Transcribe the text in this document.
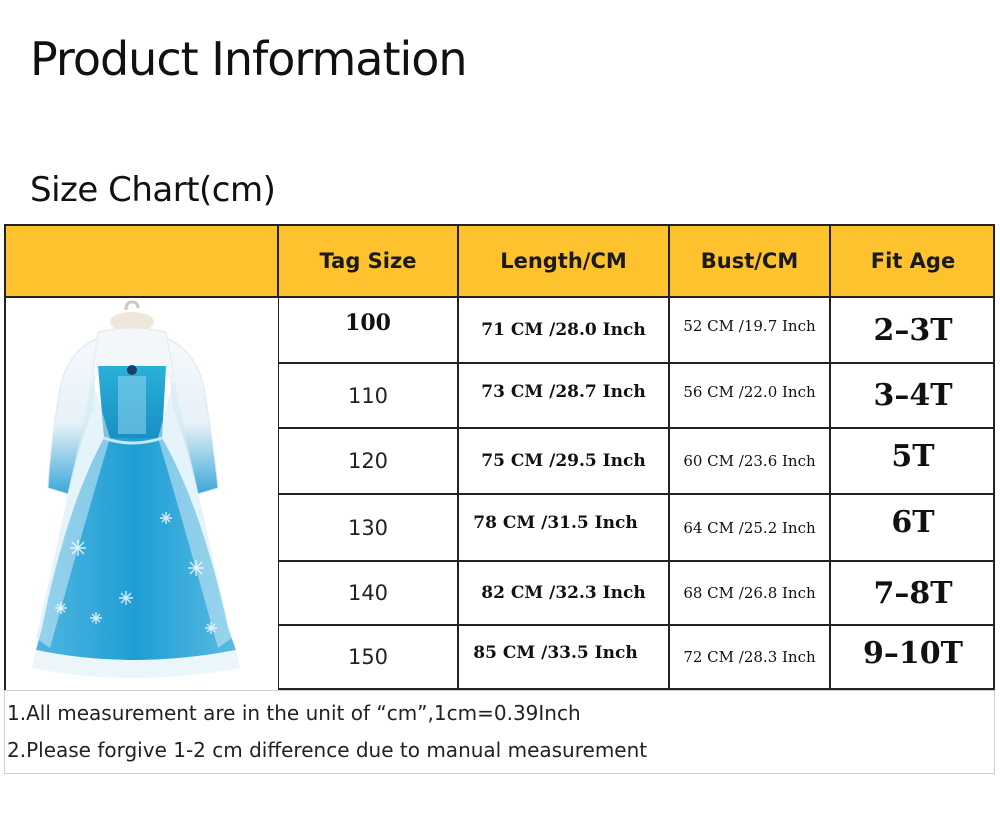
Product Information
Size Chart(cm)
Tag Size	Length/CM	Bust/CM	Fit Age
100	71 CM /28.0 Inch	52 CM /19.7 Inch	2–3T
110	73 CM /28.7 Inch	56 CM /22.0 Inch	3–4T
120	75 CM /29.5 Inch	60 CM /23.6 Inch	5T
130	78 CM /31.5 Inch	64 CM /25.2 Inch	6T
140	82 CM /32.3 Inch	68 CM /26.8 Inch	7–8T
150	85 CM /33.5 Inch	72 CM /28.3 Inch	9–10T
1.All measurement are in the unit of “cm”,1cm=0.39Inch
2.Please forgive 1-2 cm difference due to manual measurement
